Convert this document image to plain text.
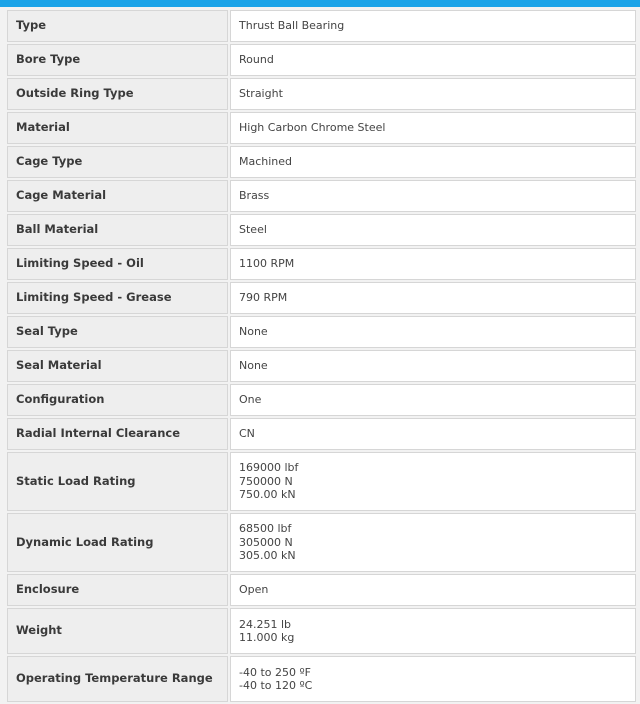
Type	Thrust Ball Bearing

Bore Type	Round

Outside Ring Type	Straight

Material	High Carbon Chrome Steel

Cage Type	Machined

Cage Material	Brass

Ball Material	Steel

Limiting Speed - Oil	1100 RPM

Limiting Speed - Grease	790 RPM

Seal Type	None

Seal Material	None

Configuration	One

Radial Internal Clearance	CN

Static Load Rating	169000 lbf
750000 N
750.00 kN

Dynamic Load Rating	68500 lbf
305000 N
305.00 kN

Enclosure	Open

Weight	24.251 lb
11.000 kg

Operating Temperature Range	-40 to 250 ºF
-40 to 120 ºC
